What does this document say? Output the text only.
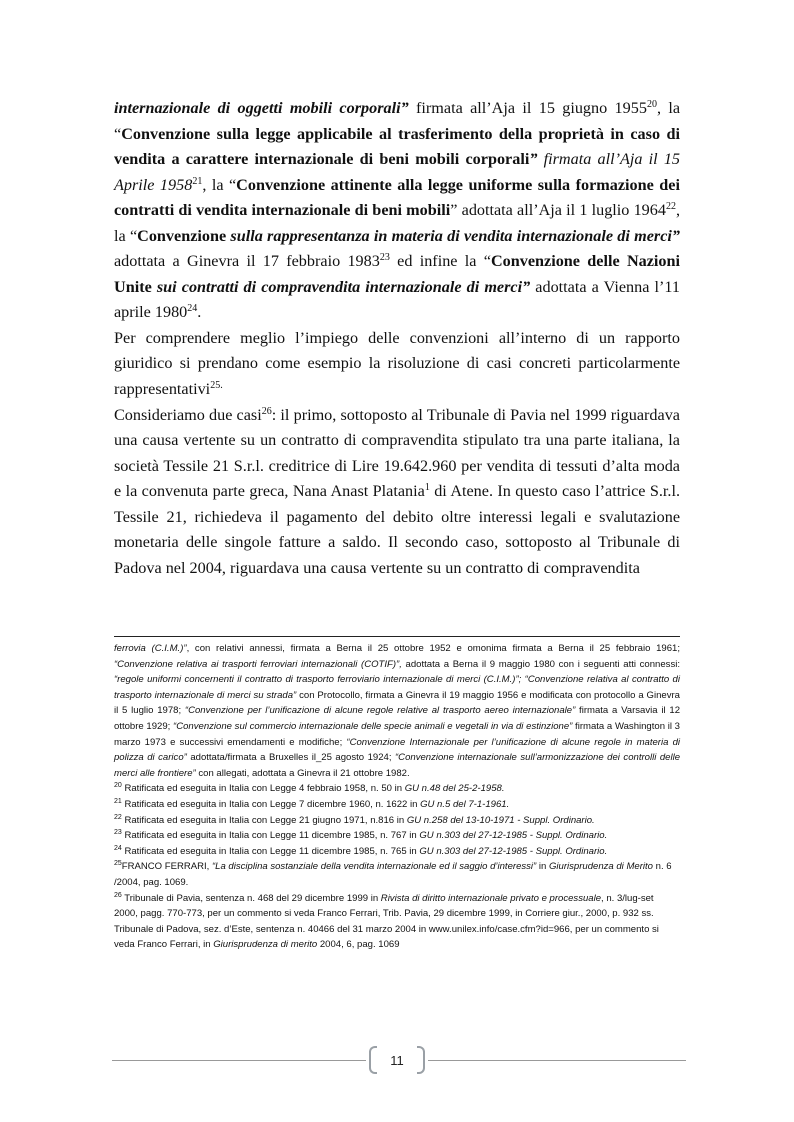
internazionale di oggetti mobili corporali” firmata all’Aja il 15 giugno 1955$^{20}$, la “Convenzione sulla legge applicabile al trasferimento della proprietà in caso di vendita a carattere internazionale di beni mobili corporali” firmata all’Aja il 15 Aprile 1958$^{21}$, la “Convenzione attinente alla legge uniforme sulla formazione dei contratti di vendita internazionale di beni mobili” adottata all’Aja il 1 luglio 1964$^{22}$, la “Convenzione sulla rappresentanza in materia di vendita internazionale di merci” adottata a Ginevra il 17 febbraio 1983$^{23}$ ed infine la “Convenzione delle Nazioni Unite sui contratti di compravendita internazionale di merci” adottata a Vienna l’11 aprile 1980$^{24}$.

Per comprendere meglio l’impiego delle convenzioni all’interno di un rapporto giuridico si prendano come esempio la risoluzione di casi concreti particolarmente rappresentativi$^{25.}$

Consideriamo due casi$^{26}$: il primo, sottoposto al Tribunale di Pavia nel 1999 riguardava una causa vertente su un contratto di compravendita stipulato tra una parte italiana, la società Tessile 21 S.r.l. creditrice di Lire 19.642.960 per vendita di tessuti d’alta moda e la convenuta parte greca, Nana Anast Platania$^1$ di Atene. In questo caso l’attrice S.r.l. Tessile 21, richiedeva il pagamento del debito oltre interessi legali e svalutazione monetaria delle singole fatture a saldo. Il secondo caso, sottoposto al Tribunale di Padova nel 2004, riguardava una causa vertente su un contratto di compravendita

ferrovia (C.I.M.)”, con relativi annessi, firmata a Berna il 25 ottobre 1952 e omonima firmata a Berna il 25 febbraio 1961; “Convenzione relativa ai trasporti ferroviari internazionali (COTIF)”, adottata a Berna il 9 maggio 1980 con i seguenti atti connessi: “regole uniformi concernenti il contratto di trasporto ferroviario internazionale di merci (C.I.M.)”; “Convenzione relativa al contratto di trasporto internazionale di merci su strada” con Protocollo, firmata a Ginevra il 19 maggio 1956 e modificata con protocollo a Ginevra il 5 luglio 1978; “Convenzione per l’unificazione di alcune regole relative al trasporto aereo internazionale” firmata a Varsavia il 12 ottobre 1929; “Convenzione sul commercio internazionale delle specie animali e vegetali in via di estinzione” firmata a Washington il 3 marzo 1973 e successivi emendamenti e modifiche; “Convenzione Internazionale per l’unificazione di alcune regole in materia di polizza di carico” adottata/firmata a Bruxelles il_25 agosto 1924; “Convenzione internazionale sull’armonizzazione dei controlli delle merci alle frontiere” con allegati, adottata a Ginevra il 21 ottobre 1982.

$^{20}$ Ratificata ed eseguita in Italia con Legge 4 febbraio 1958, n. 50 in GU n.48 del 25-2-1958.

$^{21}$ Ratificata ed eseguita in Italia con Legge 7 dicembre 1960, n. 1622 in GU n.5 del 7-1-1961.

$^{22}$ Ratificata ed eseguita in Italia con Legge 21 giugno 1971, n.816 in GU n.258 del 13-10-1971 - Suppl. Ordinario.

$^{23}$ Ratificata ed eseguita in Italia con Legge 11 dicembre 1985, n. 767 in GU n.303 del 27-12-1985 - Suppl. Ordinario.

$^{24}$ Ratificata ed eseguita in Italia con Legge 11 dicembre 1985, n. 765 in GU n.303 del 27-12-1985 - Suppl. Ordinario.

$^{25}$FRANCO FERRARI, “La disciplina sostanziale della vendita internazionale ed il saggio d’interessi” in Giurisprudenza di Merito n. 6 /2004, pag. 1069.

$^{26}$ Tribunale di Pavia, sentenza n. 468 del 29 dicembre 1999 in Rivista di diritto internazionale privato e processuale, n. 3/lug-set 2000, pagg. 770-773, per un commento si veda Franco Ferrari, Trib. Pavia, 29 dicembre 1999, in Corriere giur., 2000, p. 932 ss.

Tribunale di Padova, sez. d’Este, sentenza n. 40466 del 31 marzo 2004 in www.unilex.info/case.cfm?id=966, per un commento si veda Franco Ferrari, in Giurisprudenza di merito 2004, 6, pag. 1069

11
